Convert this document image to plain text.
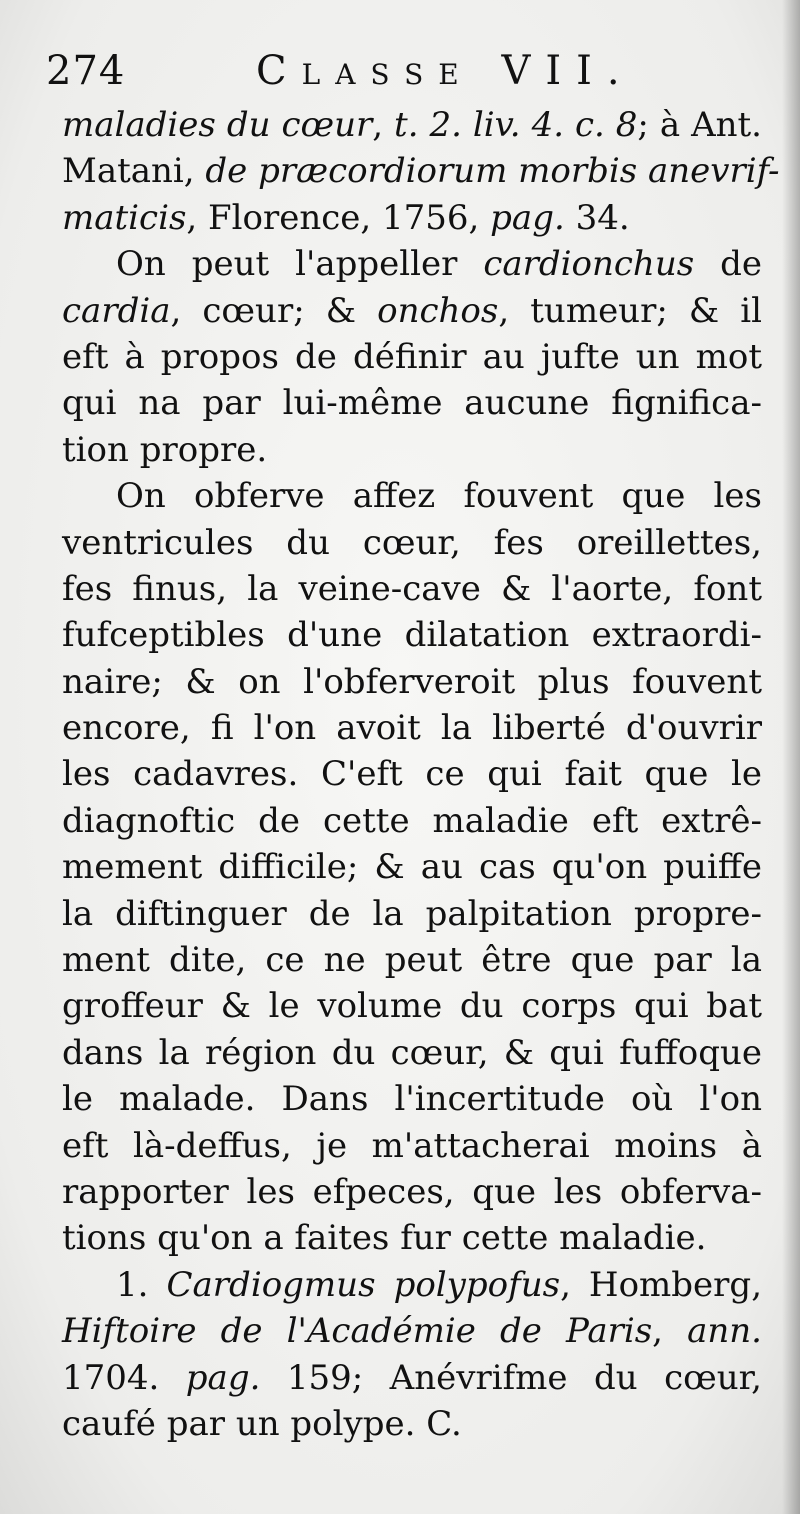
274	Classe VII.
maladies du cœur, t. 2. liv. 4. c. 8; à Ant.
Matani, de præcordiorum morbis anevrif-
maticis, Florence, 1756, pag. 34.
On peut l'appeller cardionchus de
cardia, cœur; & onchos, tumeur; & il
eft à propos de définir au jufte un mot
qui na par lui-même aucune fignifica-
tion propre.
On obferve affez fouvent que les
ventricules du cœur, fes oreillettes,
fes finus, la veine-cave & l'aorte, font
fufceptibles d'une dilatation extraordi-
naire; & on l'obferveroit plus fouvent
encore, fi l'on avoit la liberté d'ouvrir
les cadavres. C'eft ce qui fait que le
diagnoftic de cette maladie eft extrê-
mement difficile; & au cas qu'on puiffe
la diftinguer de la palpitation propre-
ment dite, ce ne peut être que par la
groffeur & le volume du corps qui bat
dans la région du cœur, & qui fuffoque
le malade. Dans l'incertitude où l'on
eft là-deffus, je m'attacherai moins à
rapporter les efpeces, que les obferva-
tions qu'on a faites fur cette maladie.
1. Cardiogmus polypofus, Homberg,
Hiftoire de l'Académie de Paris, ann.
1704. pag. 159; Anévrifme du cœur,
caufé par un polype. C.
